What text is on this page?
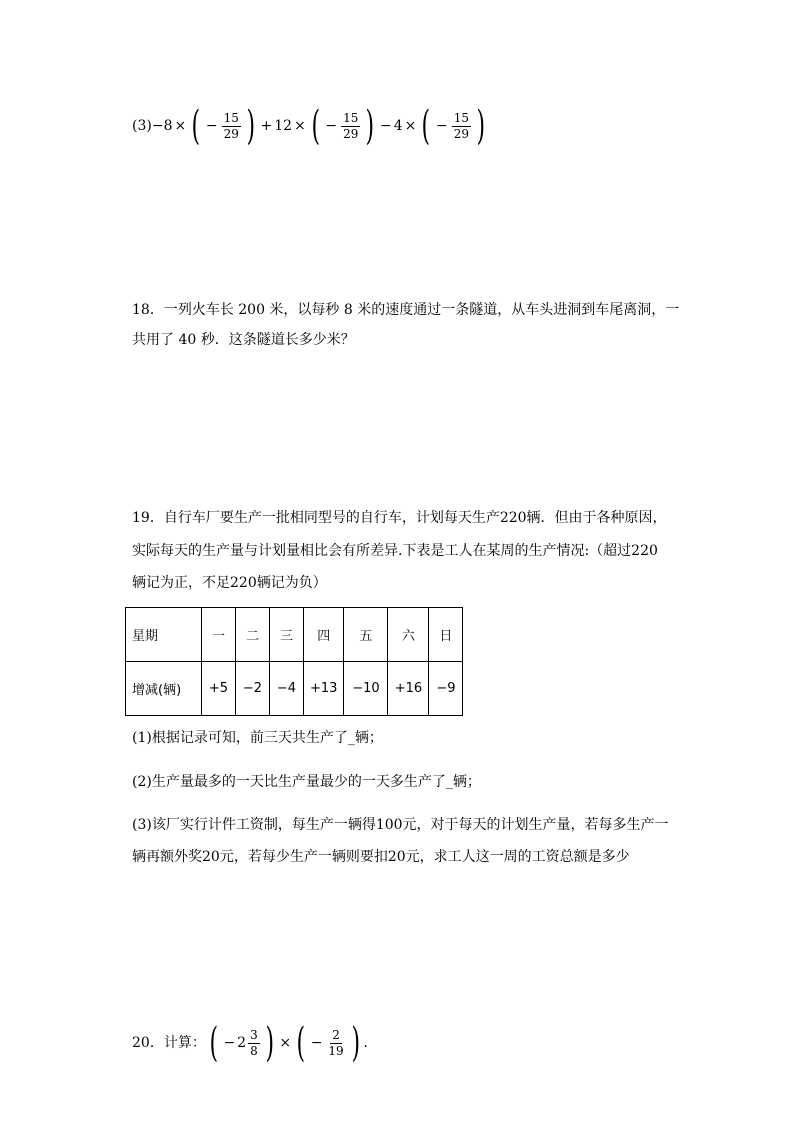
(3) −8 × ( − $\frac{15}{29}$ ) + 12 × ( − $\frac{15}{29}$ ) − 4 × ( − $\frac{15}{29}$ )
18．一列火车长 200 米，以每秒 8 米的速度通过一条隧道，从车头进洞到车尾离洞，一
共用了 40 秒．这条隧道长多少米？
19．自行车厂要生产一批相同型号的自行车，计划每天生产220辆．但由于各种原因，
实际每天的生产量与计划量相比会有所差异.下表是工人在某周的生产情况:（超过220
辆记为正，不足220辆记为负）
星期	一	二	三	四	五	六	日
增减(辆)	+5	−2	−4	+13	−10	+16	−9
(1)根据记录可知，前三天共生产了_辆；
(2)生产量最多的一天比生产量最少的一天多生产了_辆；
(3)该厂实行计件工资制，每生产一辆得100元，对于每天的计划生产量，若每多生产一
辆再额外奖20元，若每少生产一辆则要扣20元，求工人这一周的工资总额是多少
20．计算： ( − $2 \frac{3}{8}$ ) × ( − $\frac{2}{19}$ ) .
